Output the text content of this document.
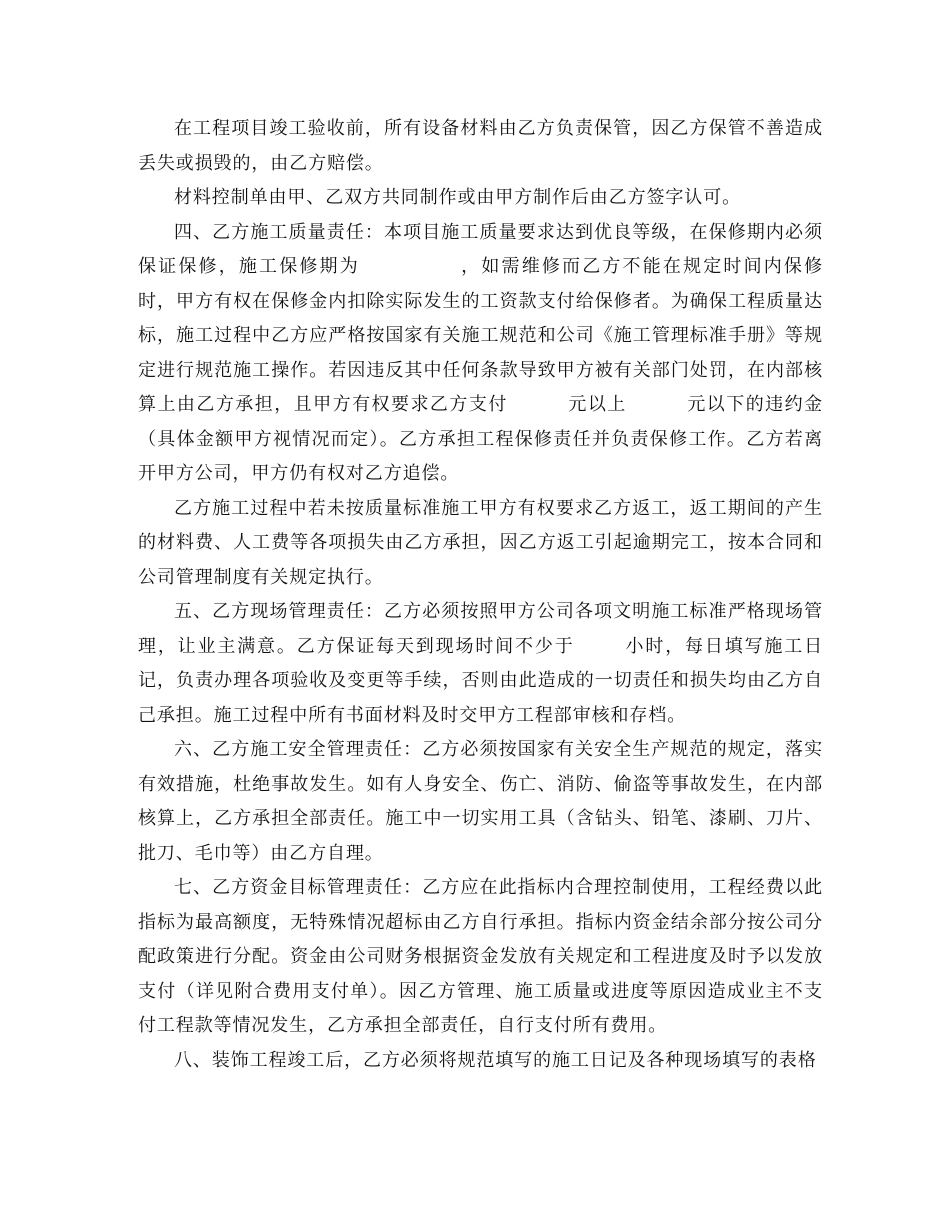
在工程项目竣工验收前，所有设备材料由乙方负责保管，因乙方保管不善造成丢失或损毁的，由乙方赔偿。

材料控制单由甲、乙双方共同制作或由甲方制作后由乙方签字认可。

四、乙方施工质量责任：本项目施工质量要求达到优良等级，在保修期内必须保证保修，施工保修期为	，如需维修而乙方不能在规定时间内保修时，甲方有权在保修金内扣除实际发生的工资款支付给保修者。为确保工程质量达标，施工过程中乙方应严格按国家有关施工规范和公司《施工管理标准手册》等规定进行规范施工操作。若因违反其中任何条款导致甲方被有关部门处罚，在内部核算上由乙方承担，且甲方有权要求乙方支付	元以上	元以下的违约金（具体金额甲方视情况而定）。乙方承担工程保修责任并负责保修工作。乙方若离开甲方公司，甲方仍有权对乙方追偿。

乙方施工过程中若未按质量标准施工甲方有权要求乙方返工，返工期间的产生的材料费、人工费等各项损失由乙方承担，因乙方返工引起逾期完工，按本合同和公司管理制度有关规定执行。

五、乙方现场管理责任：乙方必须按照甲方公司各项文明施工标准严格现场管理，让业主满意。乙方保证每天到现场时间不少于	小时，每日填写施工日记，负责办理各项验收及变更等手续，否则由此造成的一切责任和损失均由乙方自己承担。施工过程中所有书面材料及时交甲方工程部审核和存档。

六、乙方施工安全管理责任：乙方必须按国家有关安全生产规范的规定，落实有效措施，杜绝事故发生。如有人身安全、伤亡、消防、偷盗等事故发生，在内部核算上，乙方承担全部责任。施工中一切实用工具（含钻头、铅笔、漆刷、刀片、批刀、毛巾等）由乙方自理。

七、乙方资金目标管理责任：乙方应在此指标内合理控制使用，工程经费以此指标为最高额度，无特殊情况超标由乙方自行承担。指标内资金结余部分按公司分配政策进行分配。资金由公司财务根据资金发放有关规定和工程进度及时予以发放支付（详见附合费用支付单）。因乙方管理、施工质量或进度等原因造成业主不支付工程款等情况发生，乙方承担全部责任，自行支付所有费用。

八、装饰工程竣工后，乙方必须将规范填写的施工日记及各种现场填写的表格
